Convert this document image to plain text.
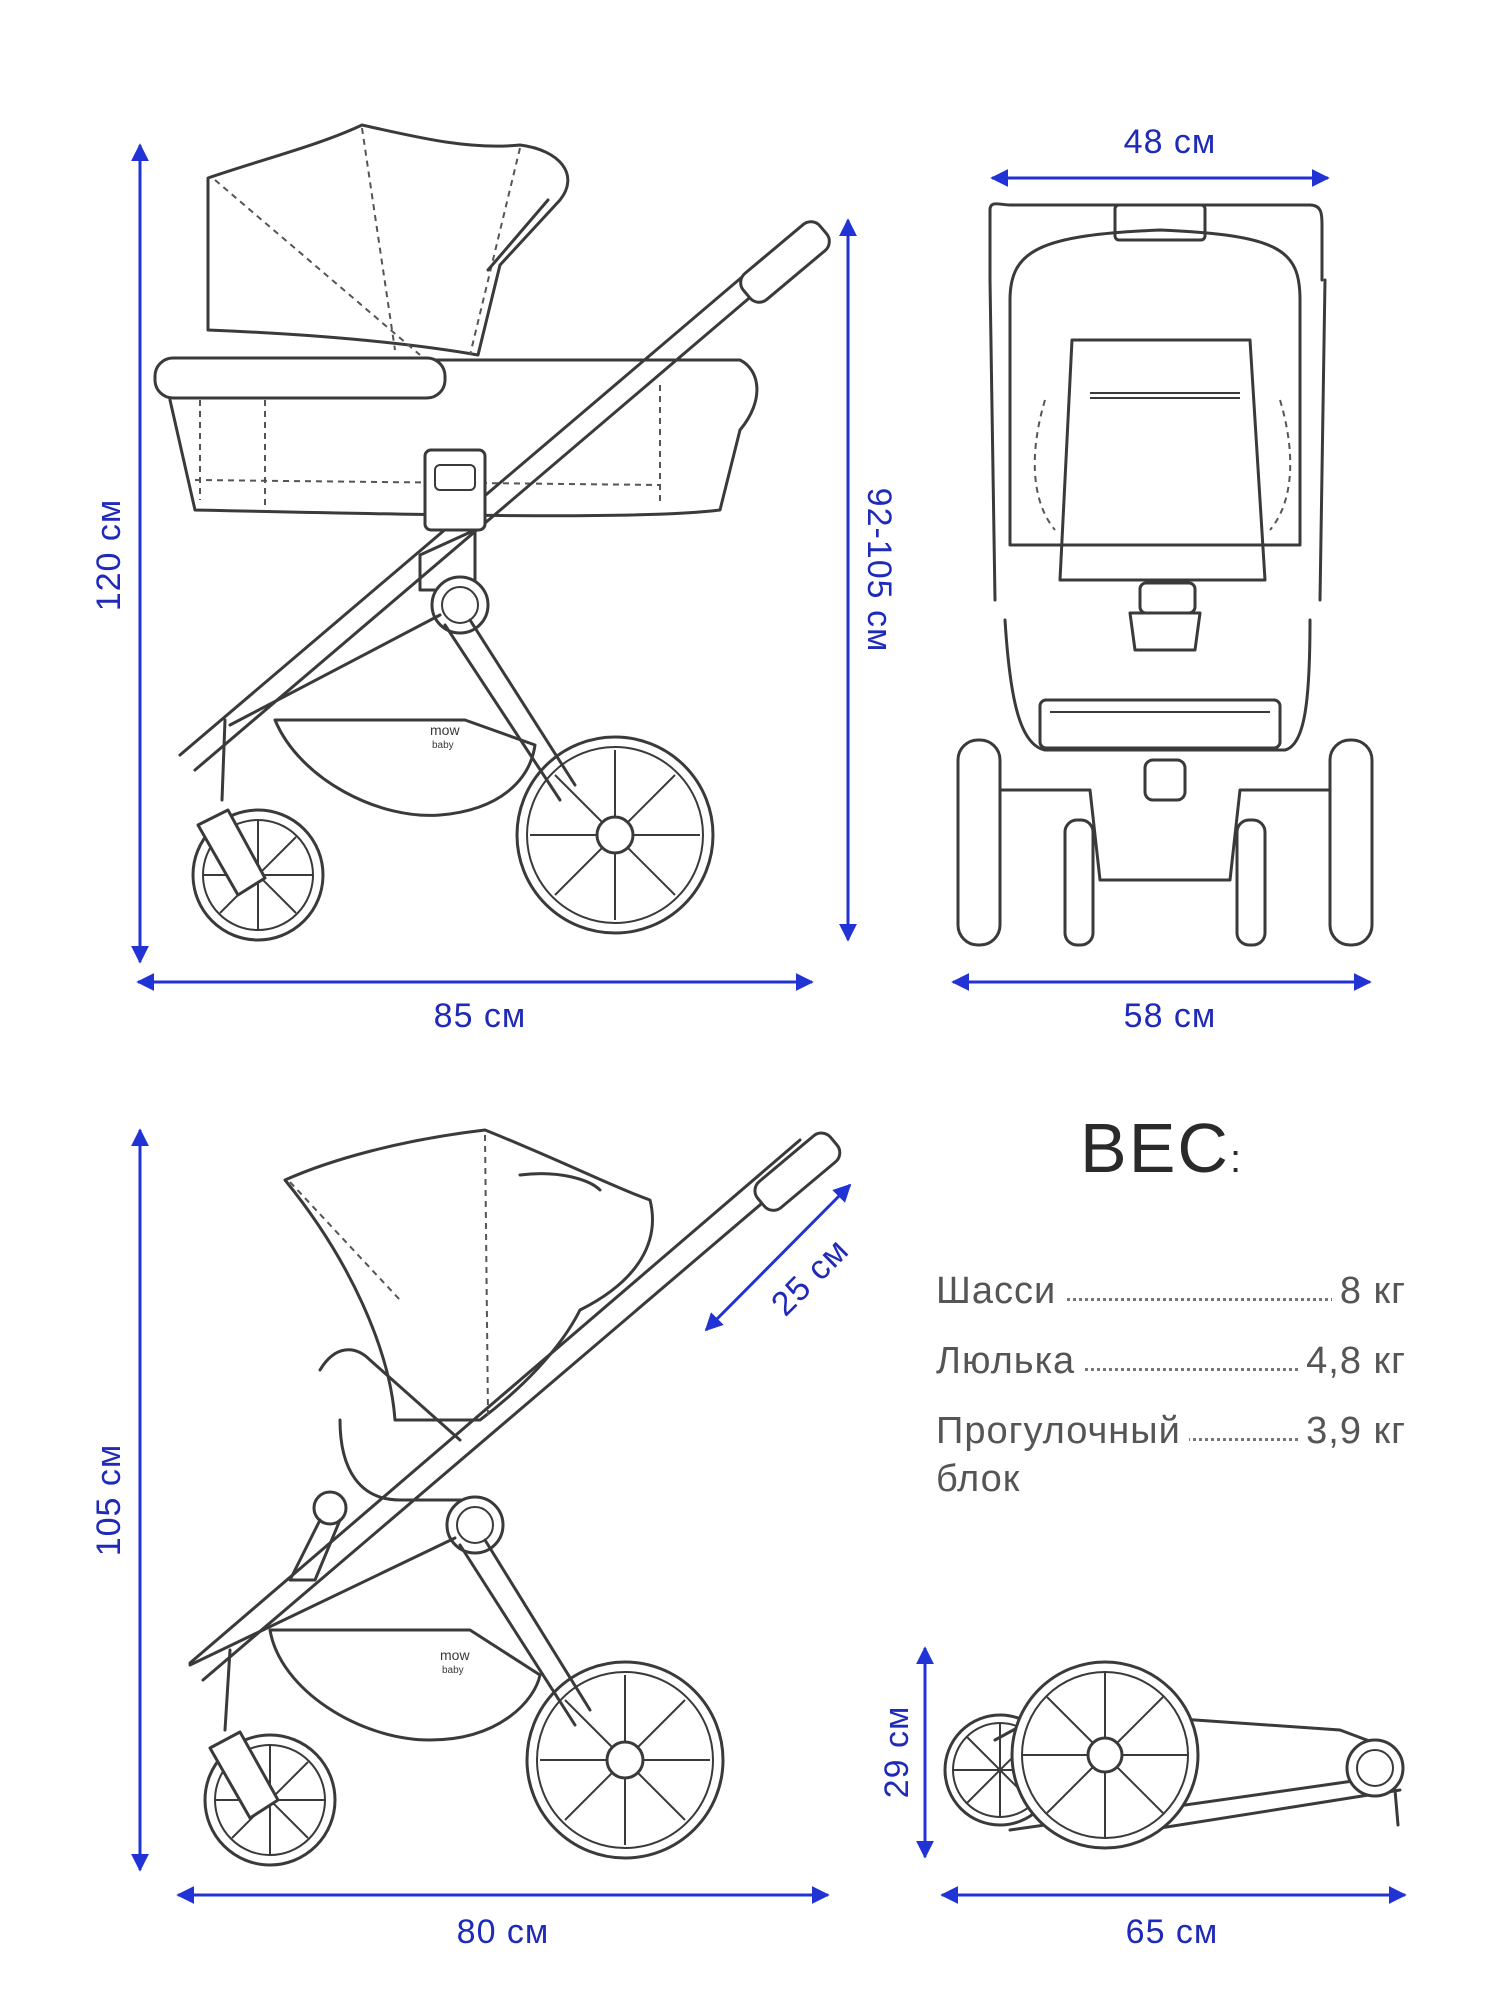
mow
baby
mow
baby
120 см	92-105 см
85 см
48 см
58 см
105 см
80 см
25 см
29 см
65 см
ВЕС:
Шасси	8 кг
Люлька	4,8 кг
Прогулочный	3,9 кг
блок
